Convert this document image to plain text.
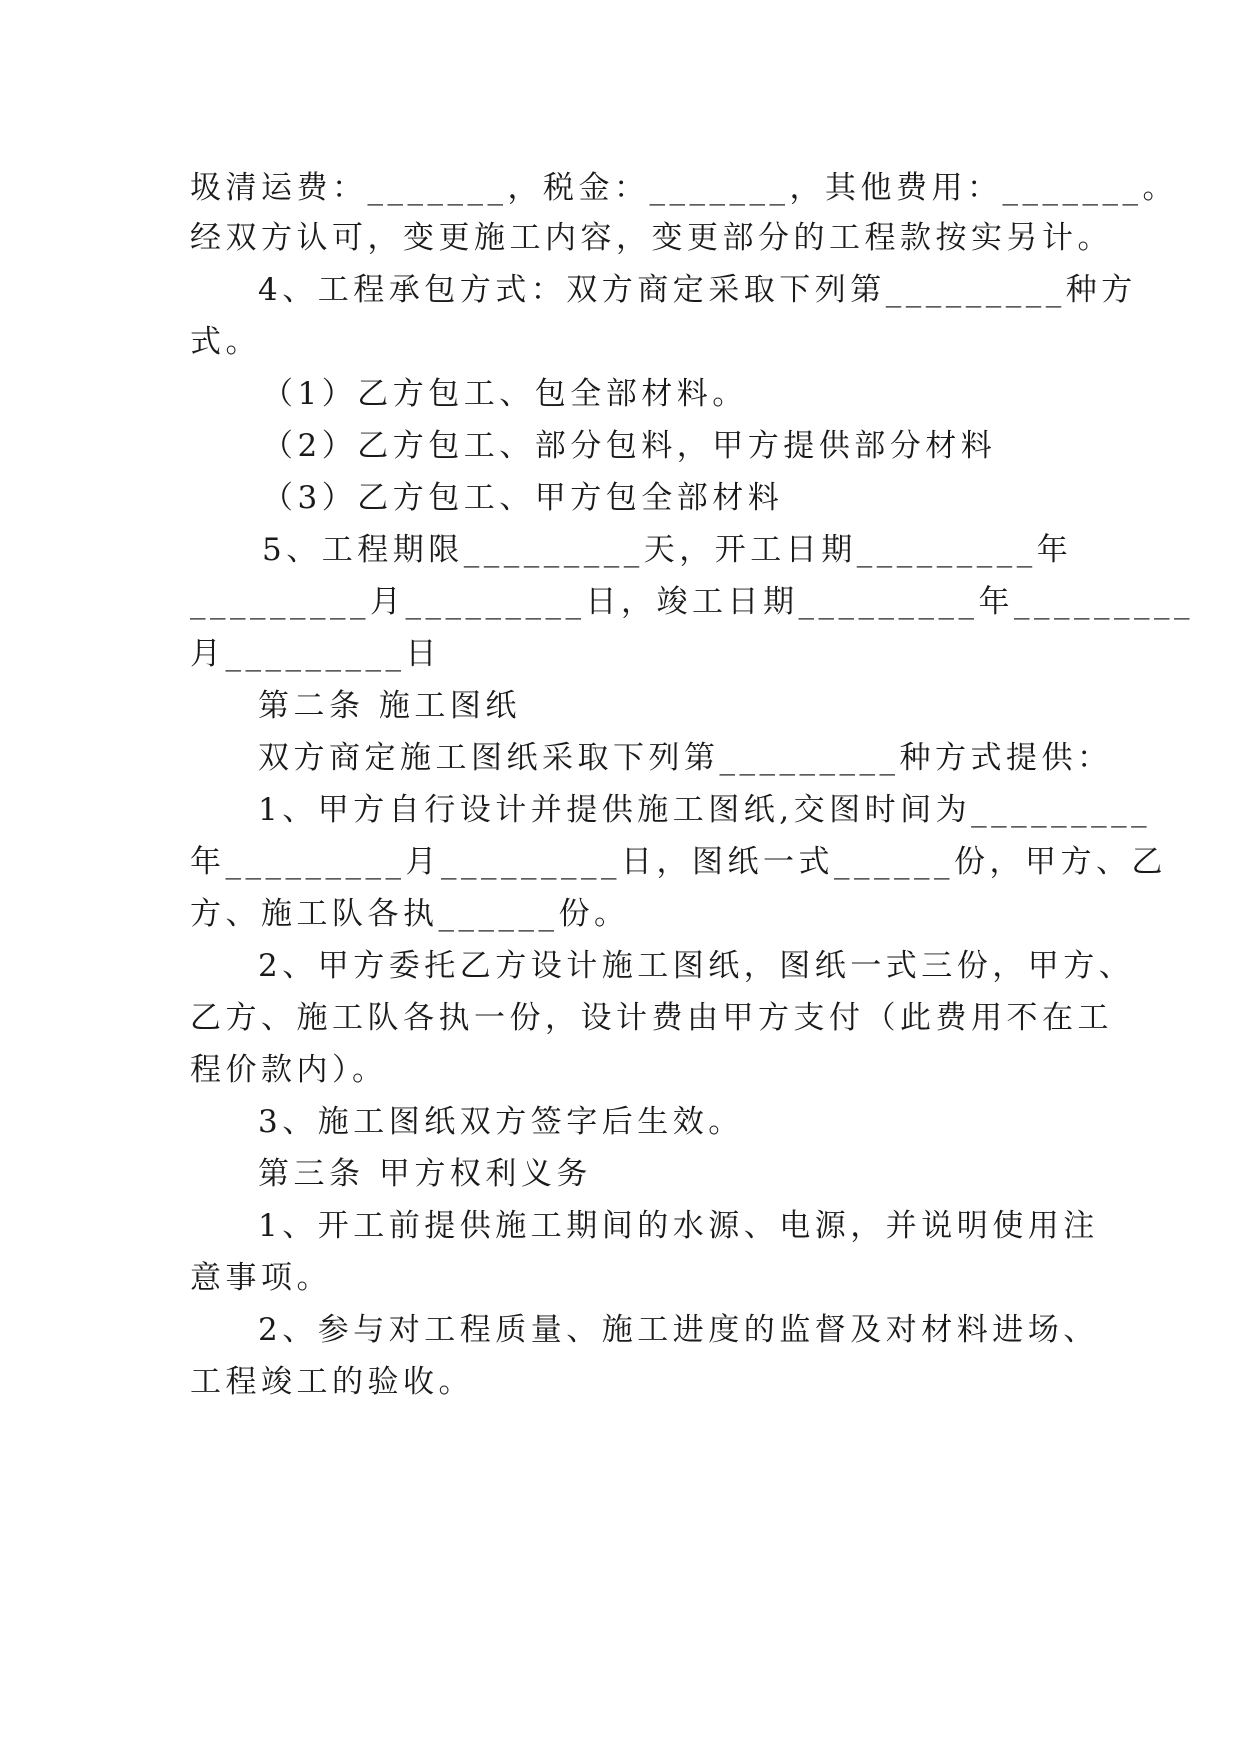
圾清运费：_______，税金：_______，其他费用：_______。
经双方认可，变更施工内容，变更部分的工程款按实另计。
4、工程承包方式：双方商定采取下列第_________种方
式。
（1）乙方包工、包全部材料。
（2）乙方包工、部分包料，甲方提供部分材料
（3）乙方包工、甲方包全部材料
5、工程期限_________天，开工日期_________年
_________月_________日，竣工日期_________年_________
月_________日
第二条 施工图纸
双方商定施工图纸采取下列第_________种方式提供：
1、甲方自行设计并提供施工图纸,交图时间为_________
年_________月_________日，图纸一式______份，甲方、乙
方、施工队各执______份。
2、甲方委托乙方设计施工图纸，图纸一式三份，甲方、
乙方、施工队各执一份，设计费由甲方支付（此费用不在工
程价款内）。
3、施工图纸双方签字后生效。
第三条 甲方权利义务
1、开工前提供施工期间的水源、电源，并说明使用注
意事项。
2、参与对工程质量、施工进度的监督及对材料进场、
工程竣工的验收。
